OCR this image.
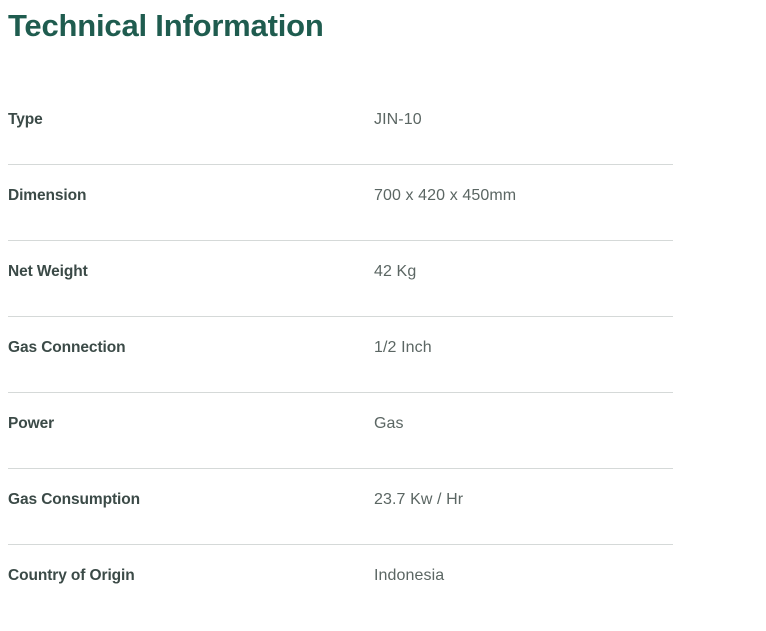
Technical Information
Type	JIN-10
Dimension	700 x 420 x 450mm
Net Weight	42 Kg
Gas Connection	1/2 Inch
Power	Gas
Gas Consumption	23.7 Kw / Hr
Country of Origin	Indonesia
